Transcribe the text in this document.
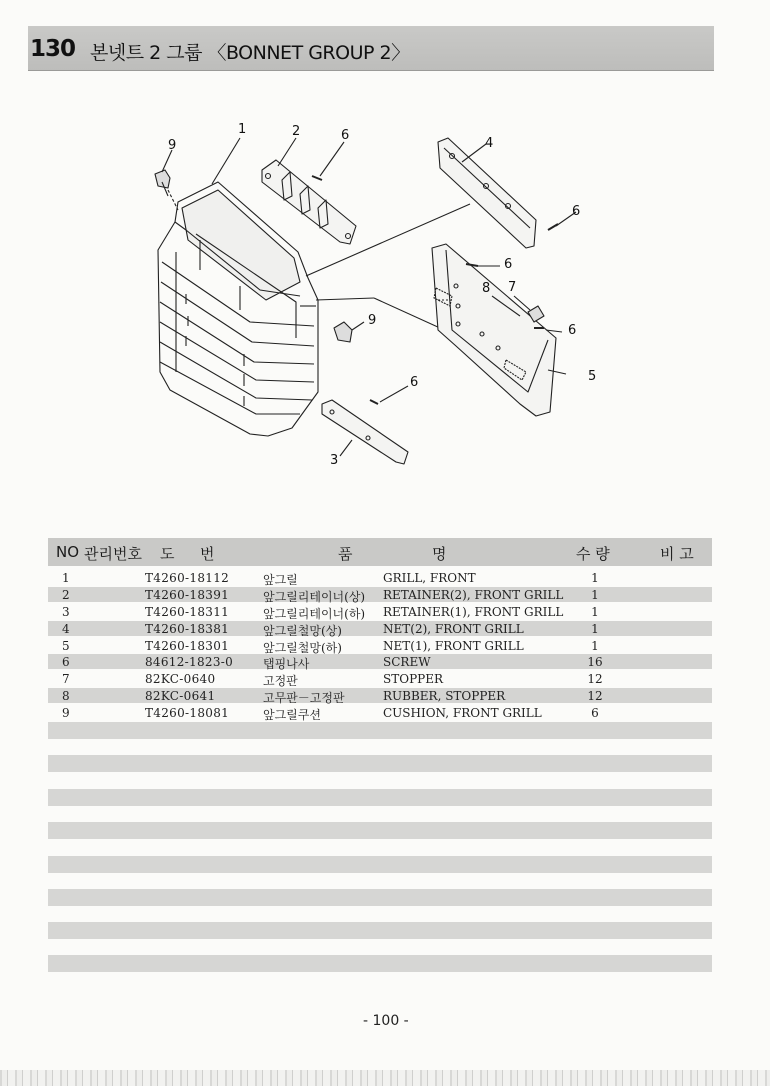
130 본넷트 2 그룹 〈BONNET GROUP 2〉
1	2	6
9	4
6
6
8 7
6
9
5
6
3
NO 관리번호 도 번	품	명	수 량	비 고
1	T4260-18112	앞그릴	GRILL, FRONT	1
2	T4260-18391	앞그릴리테이너(상) RETAINER(2), FRONT GRILL	1
3	T4260-18311	앞그릴리테이너(하) RETAINER(1), FRONT GRILL	1
4	T4260-18381	앞그릴철망(상)	NET(2), FRONT GRILL	1
5	T4260-18301	앞그릴철망(하)	NET(1), FRONT GRILL	1
6	84612-1823-0 탭핑나사	SCREW	16
7	82KC-0640	고정판	STOPPER	12
8	82KC-0641	고무판－고정판	RUBBER, STOPPER	12
9	T4260-18081	앞그릴쿠션	CUSHION, FRONT GRILL	6
- 100 -
